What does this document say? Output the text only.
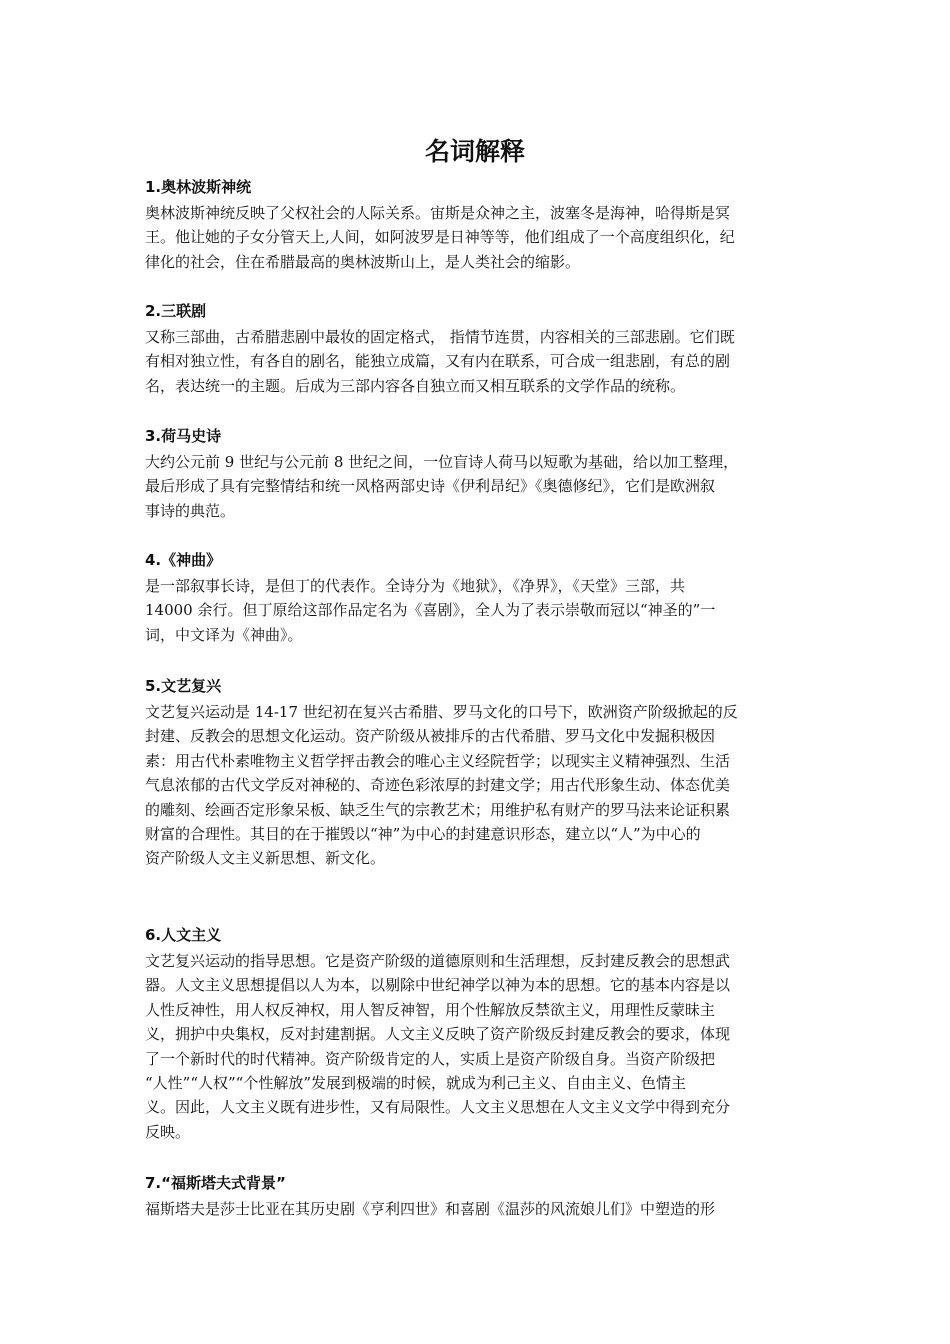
名词解释
1.奥林波斯神统

奥林波斯神统反映了父权社会的人际关系。宙斯是众神之主，波塞冬是海神，哈得斯是冥
王。他让她的子女分管天上,人间，如阿波罗是日神等等，他们组成了一个高度组织化，纪
律化的社会，住在希腊最高的奥林波斯山上，是人类社会的缩影。

2.三联剧

又称三部曲，古希腊悲剧中最妆的固定格式， 指情节连贯，内容相关的三部悲剧。它们既
有相对独立性，有各自的剧名，能独立成篇，又有内在联系，可合成一组悲剧，有总的剧
名，表达统一的主题。后成为三部内容各自独立而又相互联系的文学作品的统称。

3.荷马史诗

大约公元前 9 世纪与公元前 8 世纪之间，一位盲诗人荷马以短歌为基础，给以加工整理，
最后形成了具有完整情结和统一风格两部史诗《伊利昂纪》《奥德修纪》，它们是欧洲叙
事诗的典范。

4.《神曲》

是一部叙事长诗，是但丁的代表作。全诗分为《地狱》，《净界》，《天堂》三部，共
14000 余行。但丁原给这部作品定名为《喜剧》，全人为了表示崇敬而冠以“神圣的”一
词，中文译为《神曲》。

5.文艺复兴

文艺复兴运动是 14-17 世纪初在复兴古希腊、罗马文化的口号下，欧洲资产阶级掀起的反
封建、反教会的思想文化运动。资产阶级从被排斥的古代希腊、罗马文化中发掘积极因
素：用古代朴素唯物主义哲学抨击教会的唯心主义经院哲学；以现实主义精神强烈、生活
气息浓郁的古代文学反对神秘的、奇迹色彩浓厚的封建文学；用古代形象生动、体态优美
的雕刻、绘画否定形象呆板、缺乏生气的宗教艺术；用维护私有财产的罗马法来论证积累
财富的合理性。其目的在于摧毁以“神”为中心的封建意识形态，建立以“人”为中心的
资产阶级人文主义新思想、新文化。

6.人文主义

文艺复兴运动的指导思想。它是资产阶级的道德原则和生活理想，反封建反教会的思想武
器。人文主义思想提倡以人为本，以剔除中世纪神学以神为本的思想。它的基本内容是以
人性反神性，用人权反神权，用人智反神智，用个性解放反禁欲主义，用理性反蒙昧主
义，拥护中央集权，反对封建割据。人文主义反映了资产阶级反封建反教会的要求，体现
了一个新时代的时代精神。资产阶级肯定的人，实质上是资产阶级自身。当资产阶级把
“人性”“人权”“个性解放”发展到极端的时候，就成为利己主义、自由主义、色情主
义。因此，人文主义既有进步性，又有局限性。人文主义思想在人文主义文学中得到充分
反映。

7.“福斯塔夫式背景”

福斯塔夫是莎士比亚在其历史剧《亨利四世》和喜剧《温莎的风流娘儿们》中塑造的形
